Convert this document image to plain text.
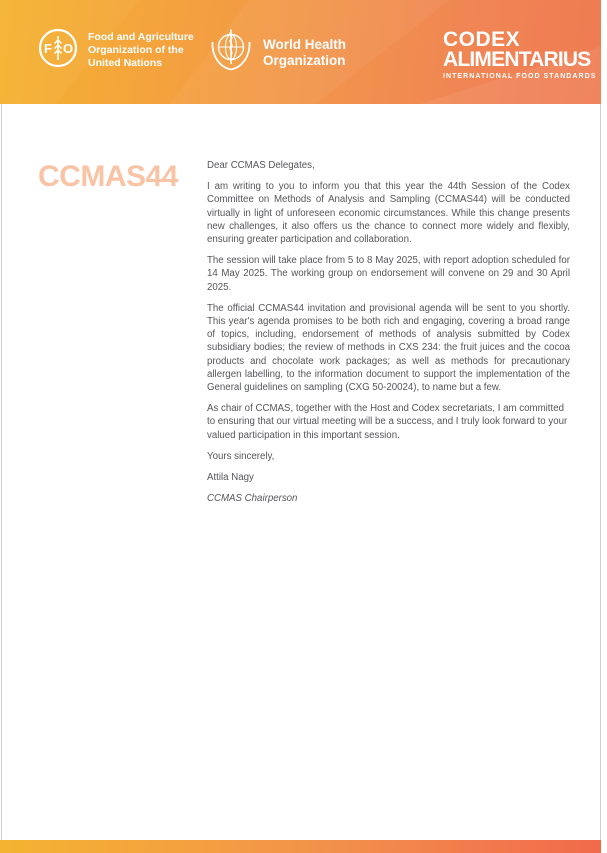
F O
Food and Agriculture
Organization of the
United Nations
World Health
Organization
CODEX
ALIMENTARIUS
INTERNATIONAL FOOD STANDARDS
CCMAS44	Dear CCMAS Delegates,

I am writing to you to inform you that this year the 44th Session of the Codex Committee on Methods of Analysis and Sampling (CCMAS44) will be conducted virtually in light of unforeseen economic circumstances. While this change presents new challenges, it also offers us the chance to connect more widely and flexibly, ensuring greater participation and collaboration.

The session will take place from 5 to 8 May 2025, with report adoption scheduled for 14 May 2025. The working group on endorsement will convene on 29 and 30 April 2025.

The official CCMAS44 invitation and provisional agenda will be sent to you shortly. This year's agenda promises to be both rich and engaging, covering a broad range of topics, including, endorsement of methods of analysis submitted by Codex subsidiary bodies; the review of methods in CXS 234: the fruit juices and the cocoa products and chocolate work packages; as well as methods for precautionary allergen labelling, to the information document to support the implementation of the General guidelines on sampling (CXG 50-20024), to name but a few.

As chair of CCMAS, together with the Host and Codex secretariats, I am committed to ensuring that our virtual meeting will be a success, and I truly look forward to your valued participation in this important session.

Yours sincerely,

Attila Nagy

CCMAS Chairperson
